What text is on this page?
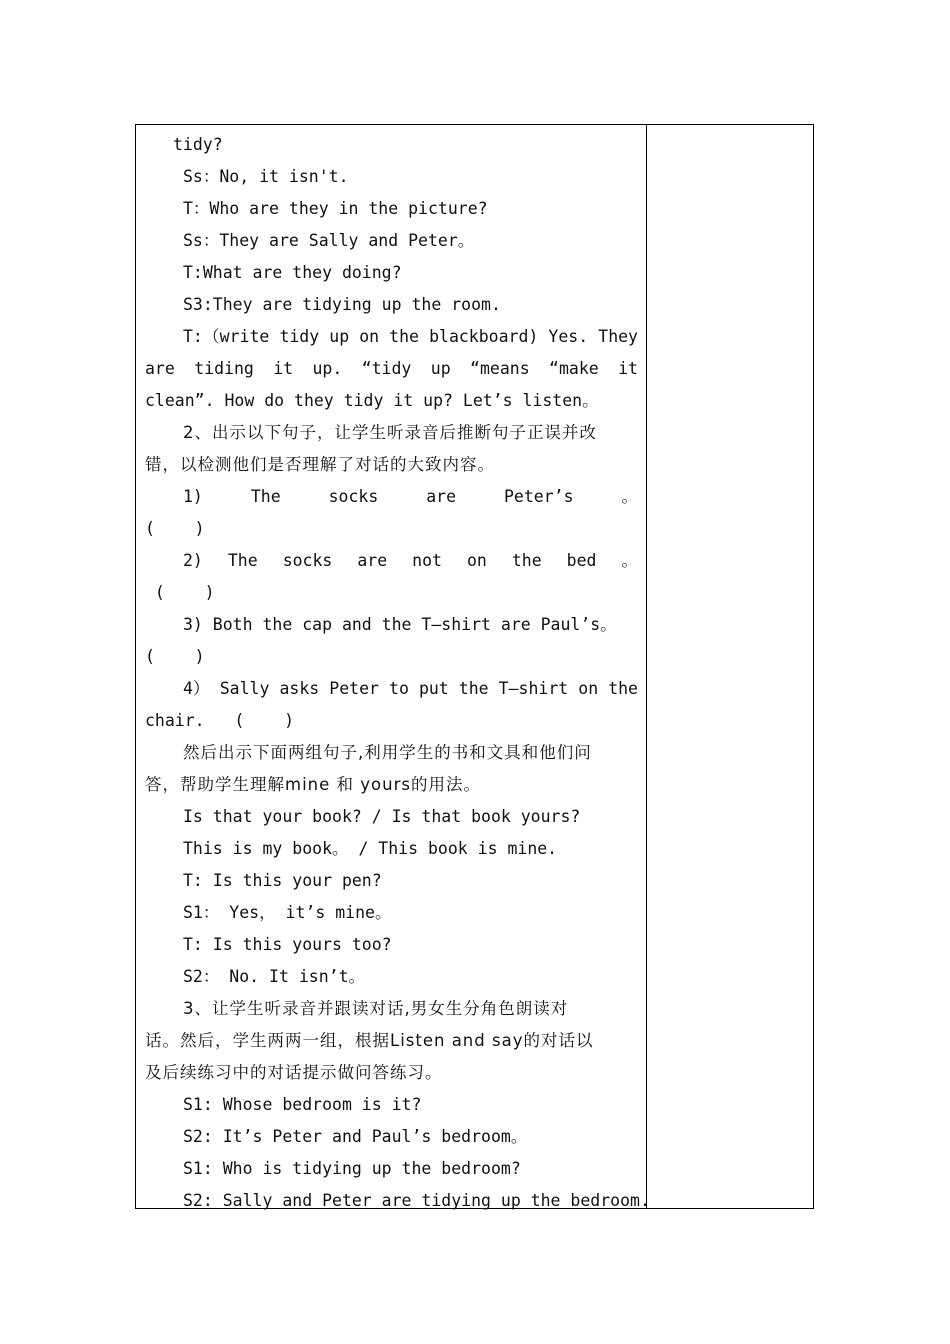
tidy?
Ss：No, it isn't.
T：Who are they in the picture?
Ss：They are Sally and Peter。
T:What are they doing?
S3:They are tidying up the room.
T:（write tidy up on the blackboard) Yes. They
are tiding it up. “tidy up “means “make it
clean”. How do they tidy it up? Let’s listen。
2、出示以下句子，让学生听录音后推断句子正误并改
错，以检测他们是否理解了对话的大致内容。
1) The socks are Peter’s 。
(    )
2) The socks are not on the bed 。
(    )
3) Both the cap and the T—shirt are Paul’s。
(    )
4） Sally asks Peter to put the T—shirt on the
chair.   (    )
然后出示下面两组句子,利用学生的书和文具和他们问
答，帮助学生理解mine 和 yours的用法。
Is that your book? / Is that book yours?
This is my book。 / This book is mine.
T: Is this your pen?
S1： Yes， it’s mine。
T: Is this yours too?
S2： No. It isn’t。
3、让学生听录音并跟读对话,男女生分角色朗读对
话。然后，学生两两一组，根据Listen and say的对话以
及后续练习中的对话提示做问答练习。
S1: Whose bedroom is it?
S2: It’s Peter and Paul’s bedroom。
S1: Who is tidying up the bedroom?
S2: Sally and Peter are tidying up the bedroom.
